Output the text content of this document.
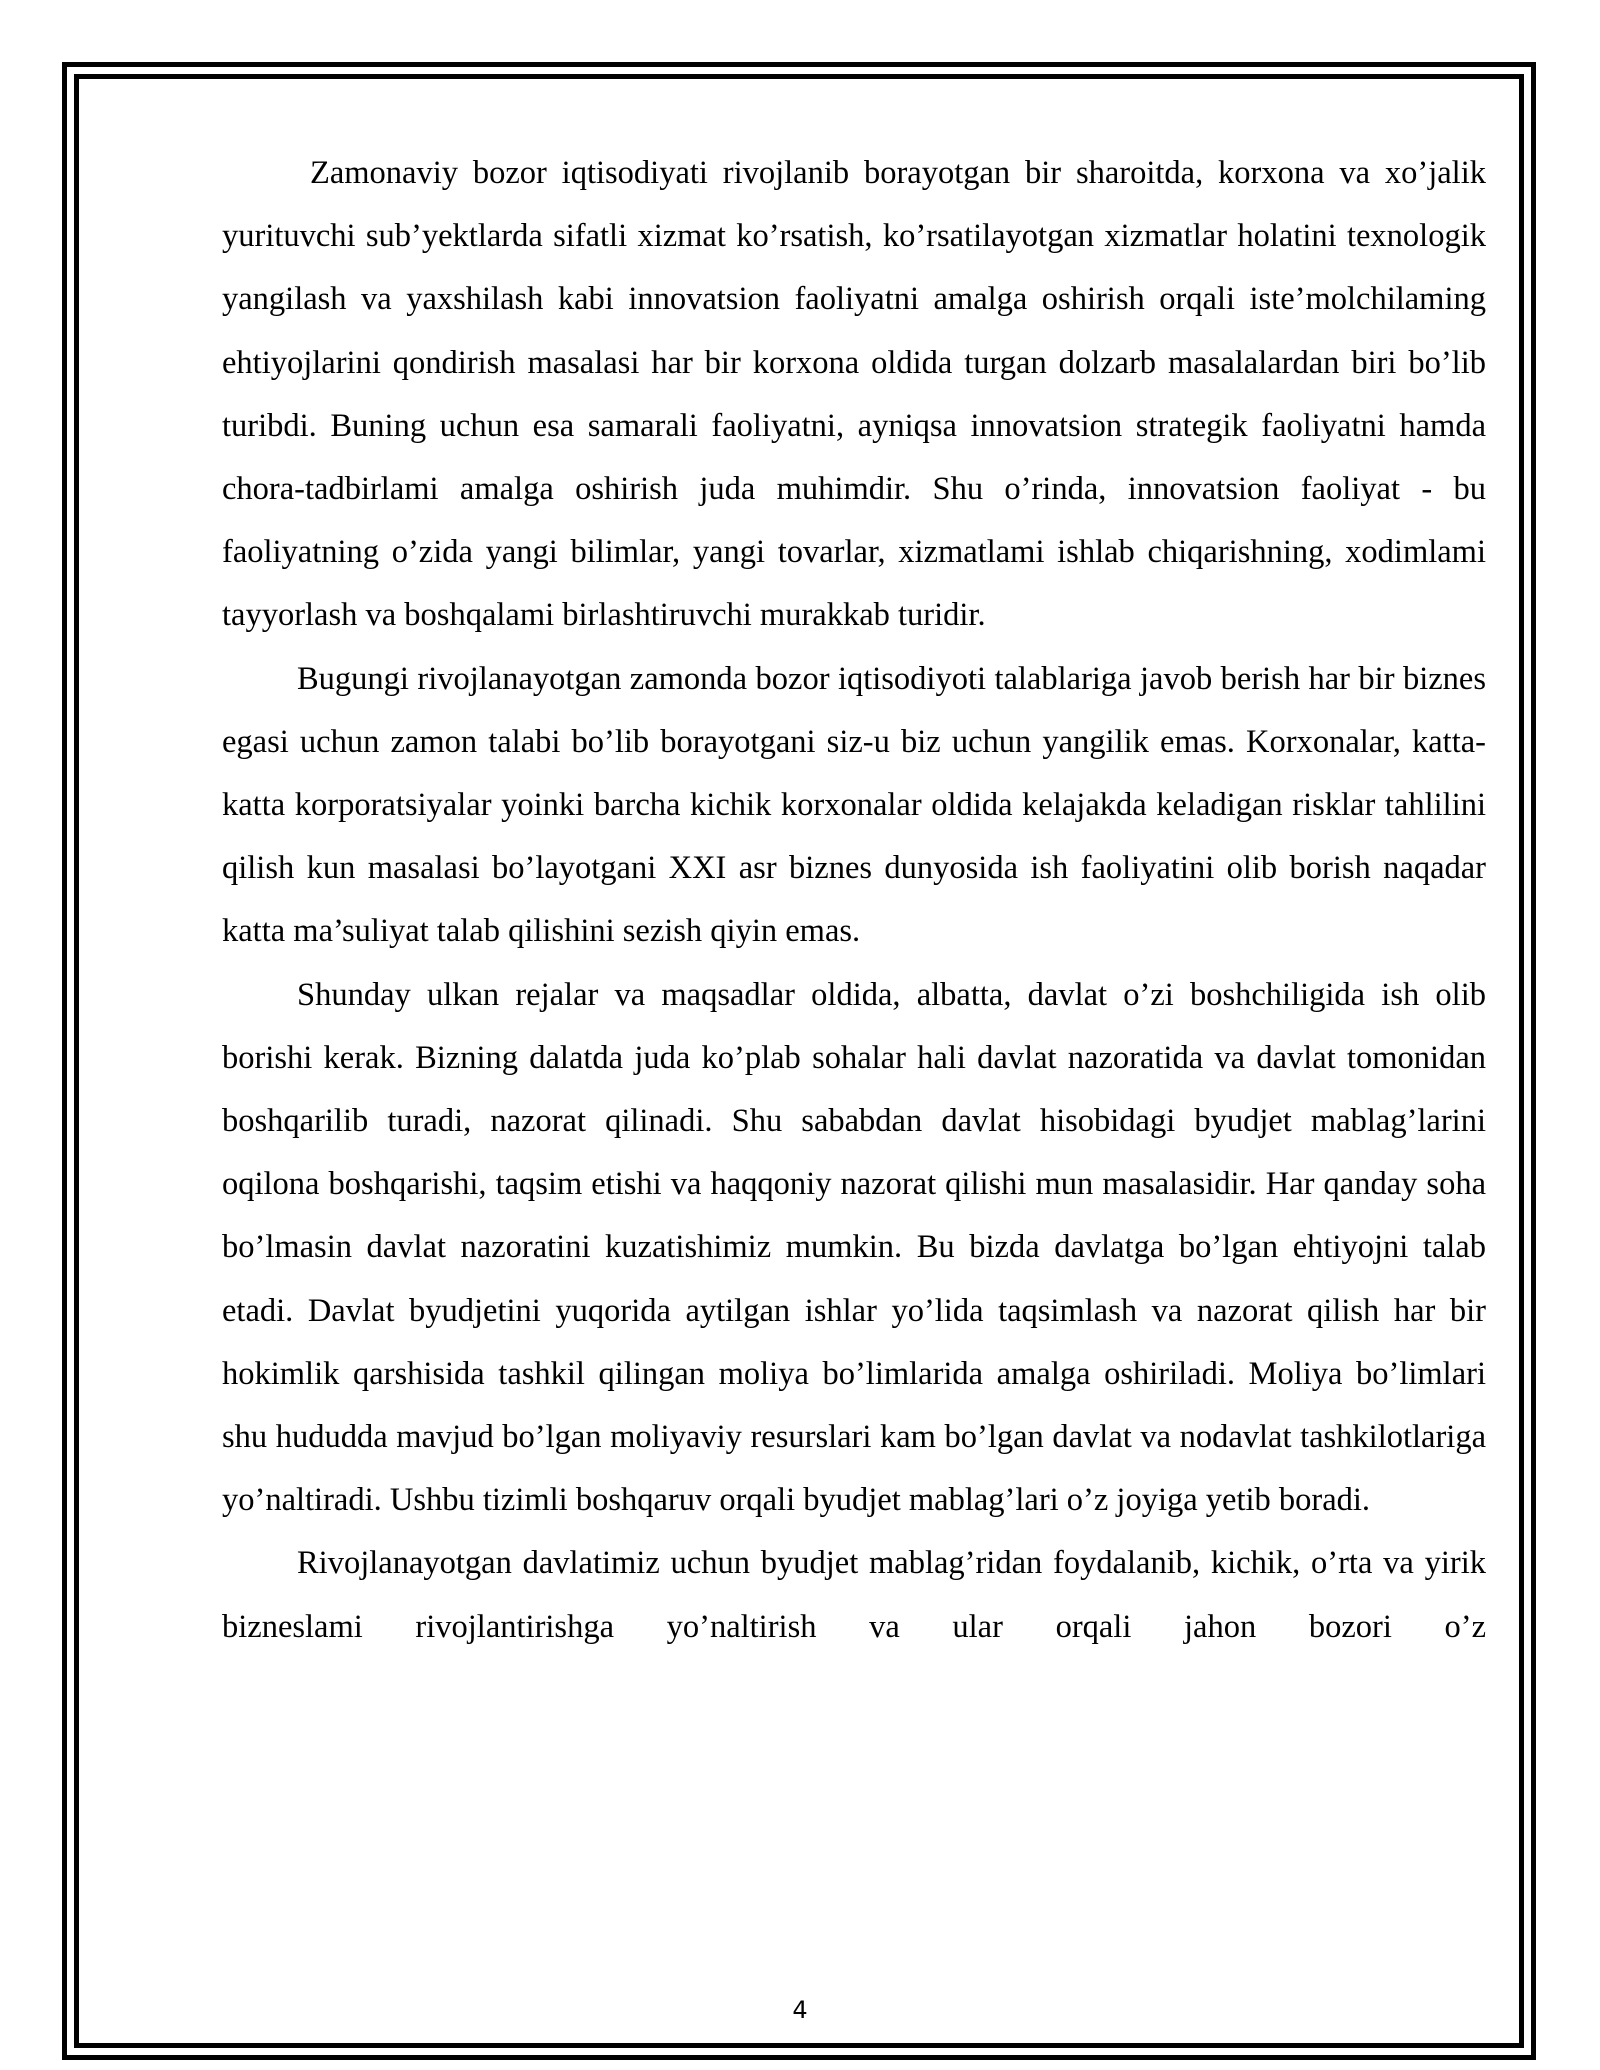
Zamonaviy bozor iqtisodiyati rivojlanib borayotgan bir sharoitda, korxona va xo’jalik yurituvchi sub’yektlarda sifatli xizmat ko’rsatish, ko’rsatilayotgan xizmatlar holatini texnologik yangilash va yaxshilash kabi innovatsion faoliyatni amalga oshirish orqali iste’molchilaming ehtiyojlarini qondirish masalasi har bir korxona oldida turgan dolzarb masalalardan biri bo’lib turibdi. Buning uchun esa samarali faoliyatni, ayniqsa innovatsion strategik faoliyatni hamda chora-tadbirlami amalga oshirish juda muhimdir. Shu o’rinda, innovatsion faoliyat - bu faoliyatning o’zida yangi bilimlar, yangi tovarlar, xizmatlami ishlab chiqarishning, xodimlami tayyorlash va boshqalami birlashtiruvchi murakkab turidir.

Bugungi rivojlanayotgan zamonda bozor iqtisodiyoti talablariga javob berish har bir biznes egasi uchun zamon talabi bo’lib borayotgani siz-u biz uchun yangilik emas. Korxonalar, katta-katta korporatsiyalar yoinki barcha kichik korxonalar oldida kelajakda keladigan risklar tahlilini qilish kun masalasi bo’layotgani XXI asr biznes dunyosida ish faoliyatini olib borish naqadar katta ma’suliyat talab qilishini sezish qiyin emas.

Shunday ulkan rejalar va maqsadlar oldida, albatta, davlat o’zi boshchiligida ish olib borishi kerak. Bizning dalatda juda ko’plab sohalar hali davlat nazoratida va davlat tomonidan boshqarilib turadi, nazorat qilinadi. Shu sababdan davlat hisobidagi byudjet mablag’larini oqilona boshqarishi, taqsim etishi va haqqoniy nazorat qilishi mun masalasidir. Har qanday soha bo’lmasin davlat nazoratini kuzatishimiz mumkin. Bu bizda davlatga bo’lgan ehtiyojni talab etadi. Davlat byudjetini yuqorida aytilgan ishlar yo’lida taqsimlash va nazorat qilish har bir hokimlik qarshisida tashkil qilingan moliya bo’limlarida amalga oshiriladi. Moliya bo’limlari shu hududda mavjud bo’lgan moliyaviy resurslari kam bo’lgan davlat va nodavlat tashkilotlariga yo’naltiradi. Ushbu tizimli boshqaruv orqali byudjet mablag’lari o’z joyiga yetib boradi.

Rivojlanayotgan davlatimiz uchun byudjet mablag’ridan foydalanib, kichik, o’rta va yirik bizneslami rivojlantirishga yo’naltirish va ular orqali jahon bozori o’z

4
